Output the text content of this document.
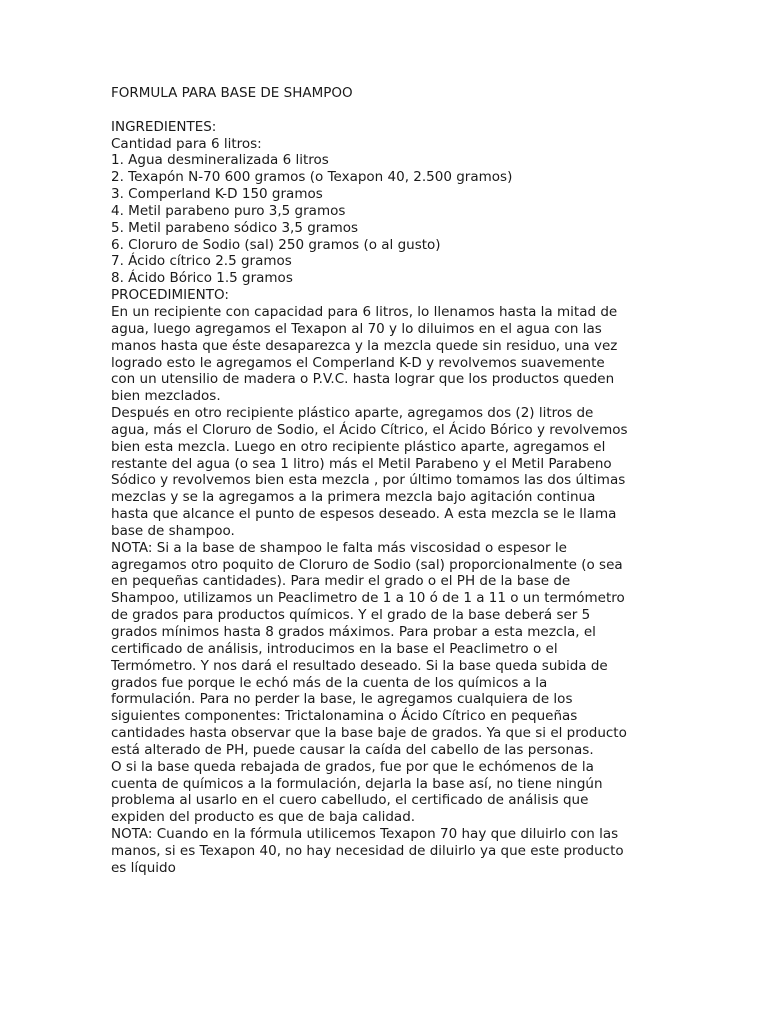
FORMULA PARA BASE DE SHAMPOO

INGREDIENTES:

Cantidad para 6 litros:

1. Agua desmineralizada 6 litros

2. Texapón N-70 600 gramos (o Texapon 40, 2.500 gramos)

3. Comperland K-D 150 gramos

4. Metil parabeno puro 3,5 gramos

5. Metil parabeno sódico 3,5 gramos

6. Cloruro de Sodio (sal) 250 gramos (o al gusto)

7. Ácido cítrico 2.5 gramos

8. Ácido Bórico 1.5 gramos

PROCEDIMIENTO:

En un recipiente con capacidad para 6 litros, lo llenamos hasta la mitad de

agua, luego agregamos el Texapon al 70 y lo diluimos en el agua con las

manos hasta que éste desaparezca y la mezcla quede sin residuo, una vez

logrado esto le agregamos el Comperland K-D y revolvemos suavemente

con un utensilio de madera o P.V.C. hasta lograr que los productos queden

bien mezclados.

Después en otro recipiente plástico aparte, agregamos dos (2) litros de

agua, más el Cloruro de Sodio, el Ácido Cítrico, el Ácido Bórico y revolvemos

bien esta mezcla. Luego en otro recipiente plástico aparte, agregamos el

restante del agua (o sea 1 litro) más el Metil Parabeno y el Metil Parabeno

Sódico y revolvemos bien esta mezcla , por último tomamos las dos últimas

mezclas y se la agregamos a la primera mezcla bajo agitación continua

hasta que alcance el punto de espesos deseado. A esta mezcla se le llama

base de shampoo.

NOTA: Si a la base de shampoo le falta más viscosidad o espesor le

agregamos otro poquito de Cloruro de Sodio (sal) proporcionalmente (o sea

en pequeñas cantidades). Para medir el grado o el PH de la base de

Shampoo, utilizamos un Peaclimetro de 1 a 10 ó de 1 a 11 o un termómetro

de grados para productos químicos. Y el grado de la base deberá ser 5

grados mínimos hasta 8 grados máximos. Para probar a esta mezcla, el

certificado de análisis, introducimos en la base el Peaclimetro o el

Termómetro. Y nos dará el resultado deseado. Si la base queda subida de

grados fue porque le echó más de la cuenta de los químicos a la

formulación. Para no perder la base, le agregamos cualquiera de los

siguientes componentes: Trictalonamina o Ácido Cítrico en pequeñas

cantidades hasta observar que la base baje de grados. Ya que si el producto

está alterado de PH, puede causar la caída del cabello de las personas.

O si la base queda rebajada de grados, fue por que le echómenos de la

cuenta de químicos a la formulación, dejarla la base así, no tiene ningún

problema al usarlo en el cuero cabelludo, el certificado de análisis que

expiden del producto es que de baja calidad.

NOTA: Cuando en la fórmula utilicemos Texapon 70 hay que diluirlo con las

manos, si es Texapon 40, no hay necesidad de diluirlo ya que este producto

es líquido
